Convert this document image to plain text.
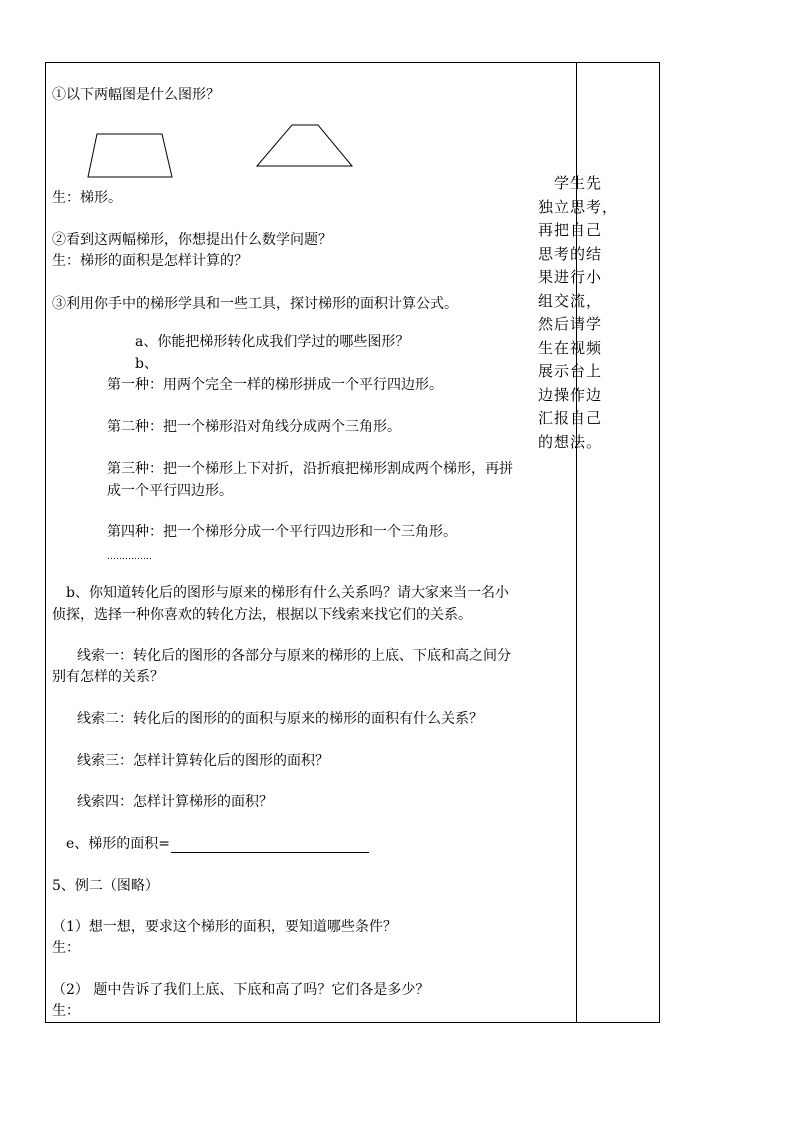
①以下两幅图是什么图形？
生：梯形。
②看到这两幅梯形，你想提出什么数学问题？
生：梯形的面积是怎样计算的？
③利用你手中的梯形学具和一些工具，探讨梯形的面积计算公式。
a、你能把梯形转化成我们学过的哪些图形？
b、
第一种：用两个完全一样的梯形拼成一个平行四边形。
第二种：把一个梯形沿对角线分成两个三角形。
第三种：把一个梯形上下对折，沿折痕把梯形割成两个梯形，再拼
成一个平行四边形。
第四种：把一个梯形分成一个平行四边形和一个三角形。
……………
b、你知道转化后的图形与原来的梯形有什么关系吗？请大家来当一名小
侦探，选择一种你喜欢的转化方法，根据以下线索来找它们的关系。
线索一：转化后的图形的各部分与原来的梯形的上底、下底和高之间分
别有怎样的关系？
线索二：转化后的图形的的面积与原来的梯形的面积有什么关系？
线索三：怎样计算转化后的图形的面积？
线索四：怎样计算梯形的面积？
e、梯形的面积=
5、例二（图略）
（1）想一想，要求这个梯形的面积，要知道哪些条件？
生：
（2） 题中告诉了我们上底、下底和高了吗？它们各是多少？
生：
学生先
独立思考，
再把自己
思考的结
果进行小
组交流，
然后请学
生在视频
展示台上
边操作边
汇报自己
的想法。
